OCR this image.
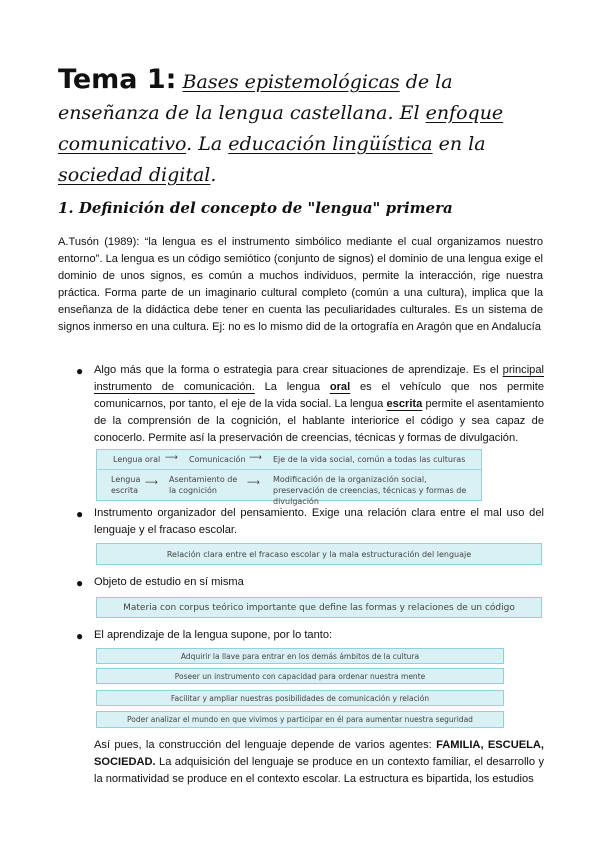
Tema 1: Bases epistemológicas de la enseñanza de la lengua castellana. El enfoque comunicativo. La educación lingüística en la sociedad digital.
1. Definición del concepto de "lengua" primera
A.Tusón (1989): “la lengua es el instrumento simbólico mediante el cual organizamos nuestro entorno”. La lengua es un código semiótico (conjunto de signos) el dominio de una lengua exige el dominio de unos signos, es común a muchos individuos, permite la interacción, rige nuestra práctica. Forma parte de un imaginario cultural completo (común a una cultura), implica que la enseñanza de la didáctica debe tener en cuenta las peculiaridades culturales. Es un sistema de signos inmerso en una cultura. Ej: no es lo mismo did de la ortografía en Aragón que en Andalucía
● Algo más que la forma o estrategia para crear situaciones de aprendizaje. Es el principal instrumento de comunicación. La lengua oral es el vehículo que nos permite comunicarnos, por tanto, el eje de la vida social. La lengua escrita permite el asentamiento de la comprensión de la cognición, el hablante interiorice el código y sea capaz de conocerlo. Permite así la preservación de creencias, técnicas y formas de divulgación.
Lengua oral ⟶ Comunicación ⟶ Eje de la vida social, común a todas las culturas
Lengua escrita
⟶ Asentamiento de la cognición
⟶ Modificación de la organización social, preservación de creencias, técnicas y formas de divulgación
● Instrumento organizador del pensamiento. Exige una relación clara entre el mal uso del lenguaje y el fracaso escolar.
Relación clara entre el fracaso escolar y la mala estructuración del lenguaje
● Objeto de estudio en sí misma
Materia con corpus teórico importante que define las formas y relaciones de un código
● El aprendizaje de la lengua supone, por lo tanto:
Adquirir la llave para entrar en los demás ámbitos de la cultura
Poseer un instrumento con capacidad para ordenar nuestra mente
Facilitar y ampliar nuestras posibilidades de comunicación y relación
Poder analizar el mundo en que vivimos y participar en él para aumentar nuestra seguridad
Así pues, la construcción del lenguaje depende de varios agentes: FAMILIA, ESCUELA, SOCIEDAD. La adquisición del lenguaje se produce en un contexto familiar, el desarrollo y la normatividad se produce en el contexto escolar. La estructura es bipartida, los estudios
